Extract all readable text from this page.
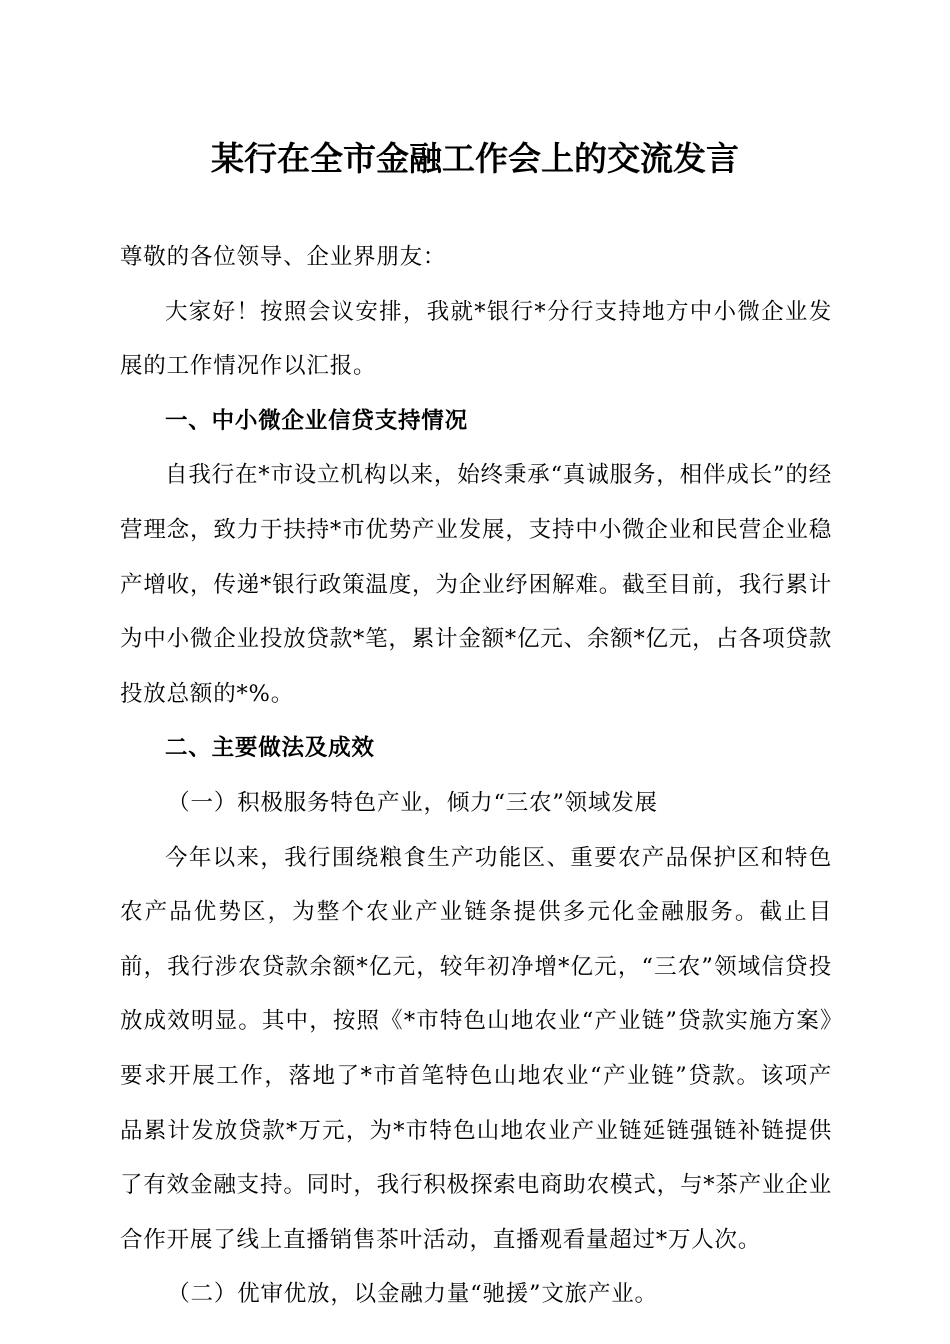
某行在全市金融工作会上的交流发言

尊敬的各位领导、企业界朋友：

大家好！按照会议安排，我就*银行*分行支持地方中小微企业发展的工作情况作以汇报。

一、中小微企业信贷支持情况

自我行在*市设立机构以来，始终秉承“真诚服务，相伴成长”的经营理念，致力于扶持*市优势产业发展，支持中小微企业和民营企业稳产增收，传递*银行政策温度，为企业纾困解难。截至目前，我行累计为中小微企业投放贷款*笔，累计金额*亿元、余额*亿元，占各项贷款投放总额的*%。

二、主要做法及成效

（一）积极服务特色产业，倾力“三农”领域发展

今年以来，我行围绕粮食生产功能区、重要农产品保护区和特色农产品优势区，为整个农业产业链条提供多元化金融服务。截止目前，我行涉农贷款余额*亿元，较年初净增*亿元，“三农”领域信贷投放成效明显。其中，按照《*市特色山地农业“产业链”贷款实施方案》要求开展工作，落地了*市首笔特色山地农业“产业链”贷款。该项产品累计发放贷款*万元，为*市特色山地农业产业链延链强链补链提供了有效金融支持。同时，我行积极探索电商助农模式，与*茶产业企业合作开展了线上直播销售茶叶活动，直播观看量超过*万人次。

（二）优审优放，以金融力量“驰援”文旅产业。
